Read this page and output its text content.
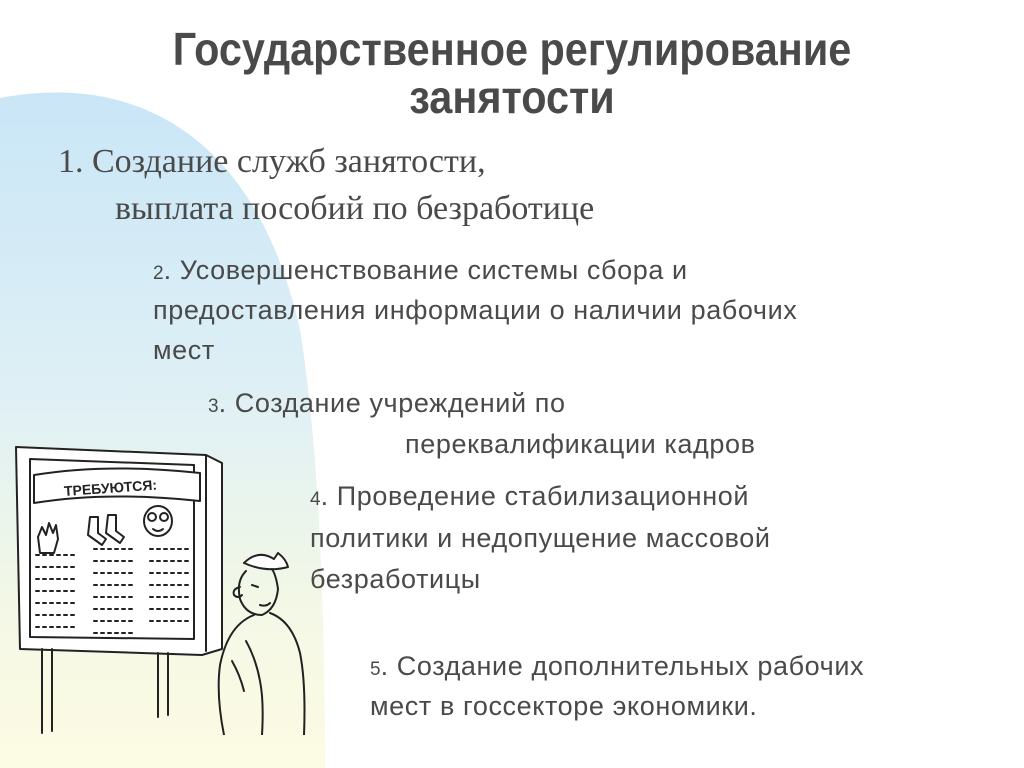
Государственное регулирование
занятости
1. Создание служб занятости,
выплата пособий по безработице
2. Усовершенствование системы сбора и
предоставления информации о наличии рабочих
мест
3. Создание учреждений по
переквалификации кадров
4. Проведение стабилизационной
политики и недопущение массовой
безработицы
5. Создание дополнительных рабочих
мест в госсекторе экономики.
ТРЕБУЮТСЯ:
